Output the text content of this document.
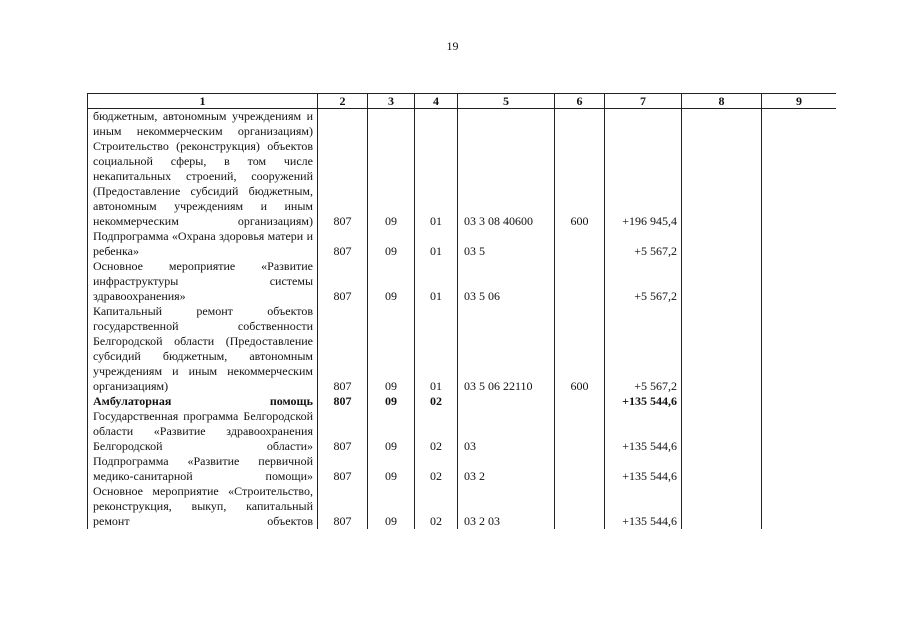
19
1	2	3	4	5	6	7	8	9
бюджетным, автономным учреждениям и иным некоммерческим организациям)								
Строительство (реконструкция) объектов социальной сферы, в том числе некапитальных строений, сооружений (Предоставление субсидий бюджетным, автономным учреждениям и иным некоммерческим организациям)	807	09	01	03 3 08 40600	600	+196 945,4		
Подпрограмма «Охрана здоровья матери и ребенка»	807	09	01	03 5		+5 567,2		
Основное мероприятие «Развитие инфраструктуры системы здравоохранения»	807	09	01	03 5 06		+5 567,2		
Капитальный ремонт объектов государственной собственности Белгородской области (Предоставление субсидий бюджетным, автономным учреждениям и иным некоммерческим организациям)	807	09	01	03 5 06 22110	600	+5 567,2		
Амбулаторная помощь	807	09	02			+135 544,6		
Государственная программа Белгородской области «Развитие здравоохранения Белгородской области»	807	09	02	03		+135 544,6		
Подпрограмма «Развитие первичной медико-санитарной помощи»	807	09	02	03 2		+135 544,6		
Основное мероприятие «Строительство, реконструкция, выкуп, капитальный ремонт объектов	807	09	02	03 2 03		+135 544,6		
